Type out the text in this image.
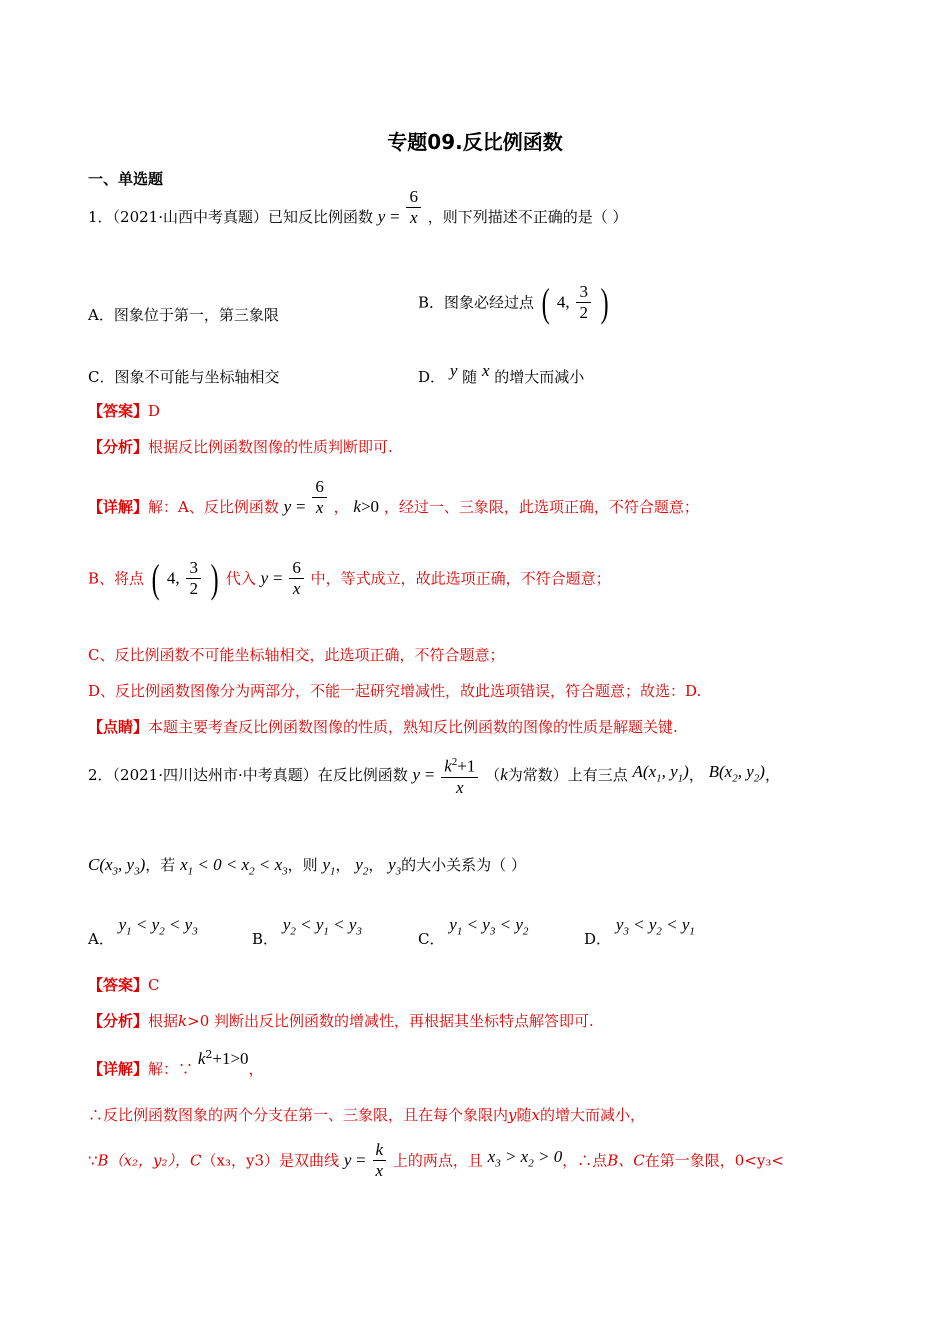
专题09.反比例函数
一、单选题
1．（2021·山西中考真题）已知反比例函数 $y = \frac{6}{x}$ ，则下列描述不正确的是（ ）
A．图象位于第一，第三象限
B．图象必经过点 ( 4, $\frac{3}{2}$ )
C．图象不可能与坐标轴相交	D． y 随 x 的增大而减小
【答案】D
【分析】根据反比例函数图像的性质判断即可.
【详解】解：A、反比例函数 $y = \frac{6}{x}$ ， k>0 ，经过一、三象限，此选项正确，不符合题意；
B、将点 ( 4, $\frac{3}{2}$ ) 代入 $y = \frac{6}{x}$ 中，等式成立，故此选项正确，不符合题意；
C、反比例函数不可能坐标轴相交，此选项正确，不符合题意；
D、反比例函数图像分为两部分，不能一起研究增减性，故此选项错误，符合题意；故选：D.
【点睛】本题主要考查反比例函数图像的性质，熟知反比例函数的图像的性质是解题关键.
2．（2021·四川达州市·中考真题）在反比例函数 $y = \frac{k^2+1}{x} (k$为常数）上有三点 $A(x_1$, $y_1$)， $B(x_2$, $y_2$)，
$C(x_3$, $y_3$)，若 $x_1 < 0 < x_2 < x_3$，则 $y_1$， $y_2$， $y_3$的大小关系为（ ）
A． $y_1 < y_2 < y_3$	B． $y_2 < y_1 < y_3$	C． $y_1 < y_3 < y_2$	D． $y_3 < y_2 < y_1$
【答案】C
【分析】根据k>0 判断出反比例函数的增减性，再根据其坐标特点解答即可.
【详解】解：∵ $k^2+1>0$，
∴反比例函数图象的两个分支在第一、三象限，且在每个象限内y随x的增大而减小，
∵B（x₂，y₂），C（x₃，y3）是双曲线 $y = \frac{k}{x}$ 上的两点，且 $x_3 > x_2 > 0$，∴点B、C在第一象限，0<y₃<
